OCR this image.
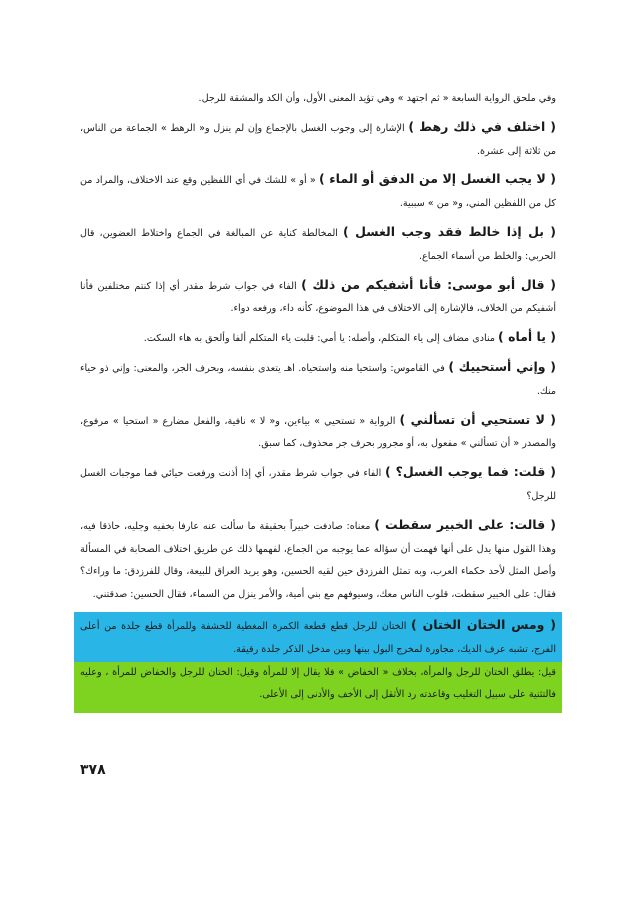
وفي ملحق الرواية السابعة « ثم اجتهد » وهي تؤيد المعنى الأول، وأن الكد والمشقة للرجل.

( اختلف في ذلك رهط ) الإشارة إلى وجوب الغسل بالإجماع وإن لم ينزل و« الرهط » الجماعة من الناس، من ثلاثة إلى عشرة.

( لا يجب الغسل إلا من الدفق أو الماء ) « أو » للشك في أي اللفظين وقع عند الاختلاف، والمراد من كل من اللفظين المني، و« من » سببية.

( بل إذا خالط فقد وجب الغسل ) المخالطة كناية عن المبالغة في الجماع واختلاط العضوين، قال الحربي: والخلط من أسماء الجماع.

( قال أبو موسى: فأنا أشفيكم من ذلك ) الفاء في جواب شرط مقدر أي إذا كنتم مختلفين فأنا أشفيكم من الخلاف، فالإشارة إلى الاختلاف في هذا الموضوع، كأنه داء، ورفعه دواء.

( يا أماه ) منادى مضاف إلى ياء المتكلم، وأصله: يا أمي: قلبت ياء المتكلم ألفا وألحق به هاء السكت.

( وإني أستحييك ) في القاموس: واستحيا منه واستحياه. اهـ يتعدى بنفسه، وبحرف الجر، والمعنى: وإني ذو حياء منك.

( لا تستحيي أن تسألني ) الرواية « تستحيي » بياءين، و« لا » نافية، والفعل مضارع « استحيا » مرفوع، والمصدر « أن تسألني » مفعول به، أو مجرور بحرف جر محذوف، كما سبق.

( قلت: فما يوجب الغسل؟ ) الفاء في جواب شرط مقدر، أي إذا أذنت ورفعت حيائي فما موجبات الغسل للرجل؟

( قالت: على الخبير سقطت ) معناه: صادفت خبيراً بحقيقة ما سألت عنه عارفا بخفيه وجليه، حاذقا فيه، وهذا القول منها يدل على أنها فهمت أن سؤاله عما يوجبه من الجماع، لفهمها ذلك عن طريق اختلاف الصحابة في المسألة وأصل المثل لأحد حكماء العرب، وبه تمثل الفرزدق حين لقيه الحسين، وهو يريد العراق للبيعة، وقال للفرزدق: ما وراءك؟ فقال: على الخبير سقطت، قلوب الناس معك، وسيوفهم مع بني أمية، والأمر ينزل من السماء، فقال الحسين: صدقتني.

( ومس الختان الختان ) الختان للرجل قطع قطعة الكمرة المغطية للحشفة وللمرأة قطع جلدة من أعلى الفرج، تشبه عرف الديك، مجاورة لمخرج البول بينها وبين مدخل الذكر جلدة رقيقة.

قيل: يطلق الختان للرجل والمرأة، بخلاف « الخفاض » فلا يقال إلا للمرأة وقيل: الختان للرجل والخفاض للمرأة ، وعليه فالتثنية على سبيل التغليب وقاعدته رد الأثقل إلى الأخف والأدنى إلى الأعلى.

٣٧٨
